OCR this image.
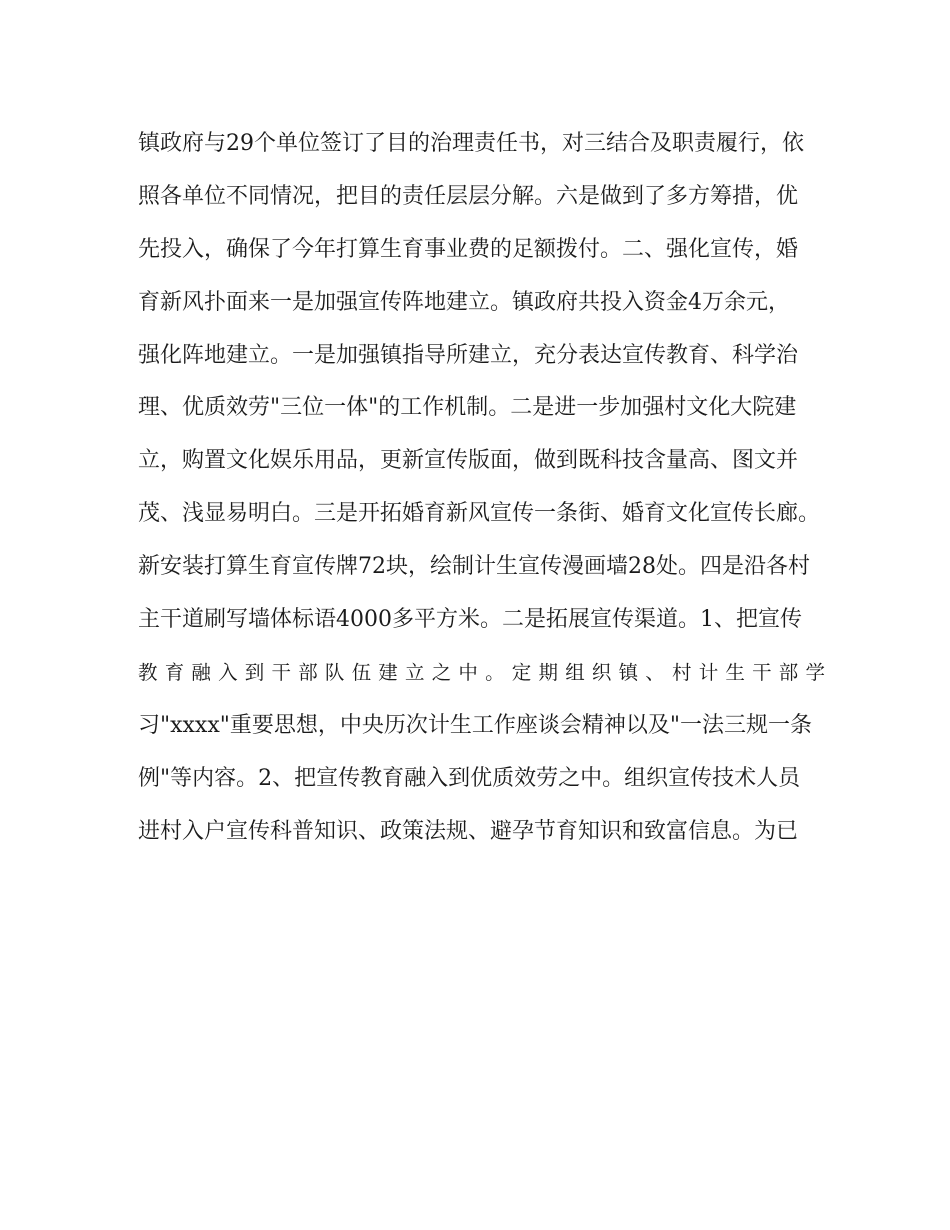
镇政府与29个单位签订了目的治理责任书，对三结合及职责履行，依

照各单位不同情况，把目的责任层层分解。六是做到了多方筹措，优

先投入，确保了今年打算生育事业费的足额拨付。二、强化宣传，婚

育新风扑面来一是加强宣传阵地建立。镇政府共投入资金4万余元，

强化阵地建立。一是加强镇指导所建立，充分表达宣传教育、科学治

理、优质效劳"三位一体"的工作机制。二是进一步加强村文化大院建

立，购置文化娱乐用品，更新宣传版面，做到既科技含量高、图文并

茂、浅显易明白。三是开拓婚育新风宣传一条街、婚育文化宣传长廊。

新安装打算生育宣传牌72块，绘制计生宣传漫画墙28处。四是沿各村

主干道刷写墙体标语4000多平方米。二是拓展宣传渠道。1、把宣传

教育融入到干部队伍建立之中。定期组织镇、村计生干部学

习"xxxx"重要思想，中央历次计生工作座谈会精神以及"一法三规一条

例"等内容。2、把宣传教育融入到优质效劳之中。组织宣传技术人员

进村入户宣传科普知识、政策法规、避孕节育知识和致富信息。为已
